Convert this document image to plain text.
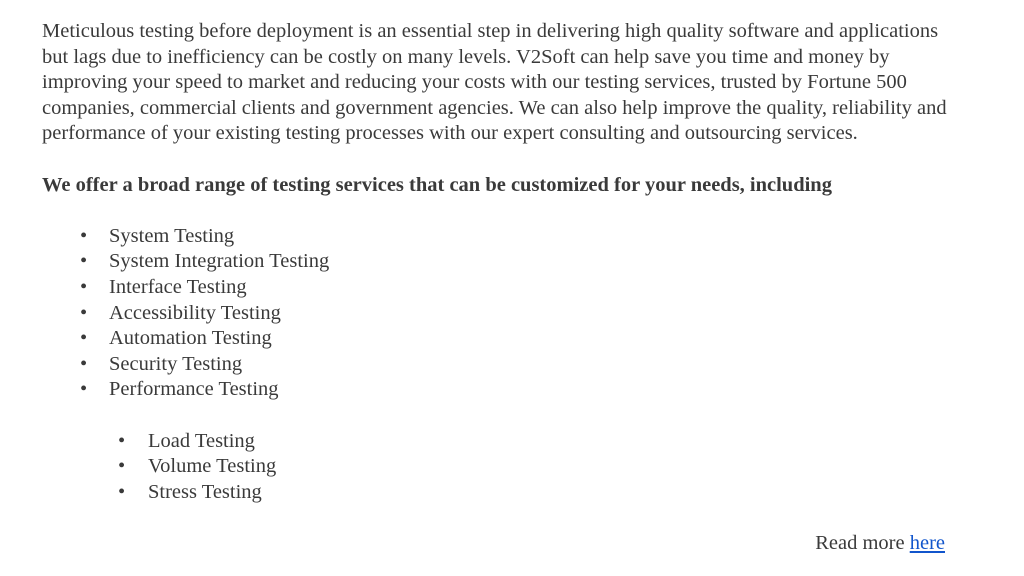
Meticulous testing before deployment is an essential step in delivering high quality software and applications but lags due to inefficiency can be costly on many levels. V2Soft can help save you time and money by improving your speed to market and reducing your costs with our testing services, trusted by Fortune 500 companies, commercial clients and government agencies. We can also help improve the quality, reliability and performance of your existing testing processes with our expert consulting and outsourcing services.

We offer a broad range of testing services that can be customized for your needs, including

• System Testing
• System Integration Testing
• Interface Testing
• Accessibility Testing
• Automation Testing
• Security Testing
• Performance Testing
• Load Testing
• Volume Testing
• Stress Testing
Read more here
